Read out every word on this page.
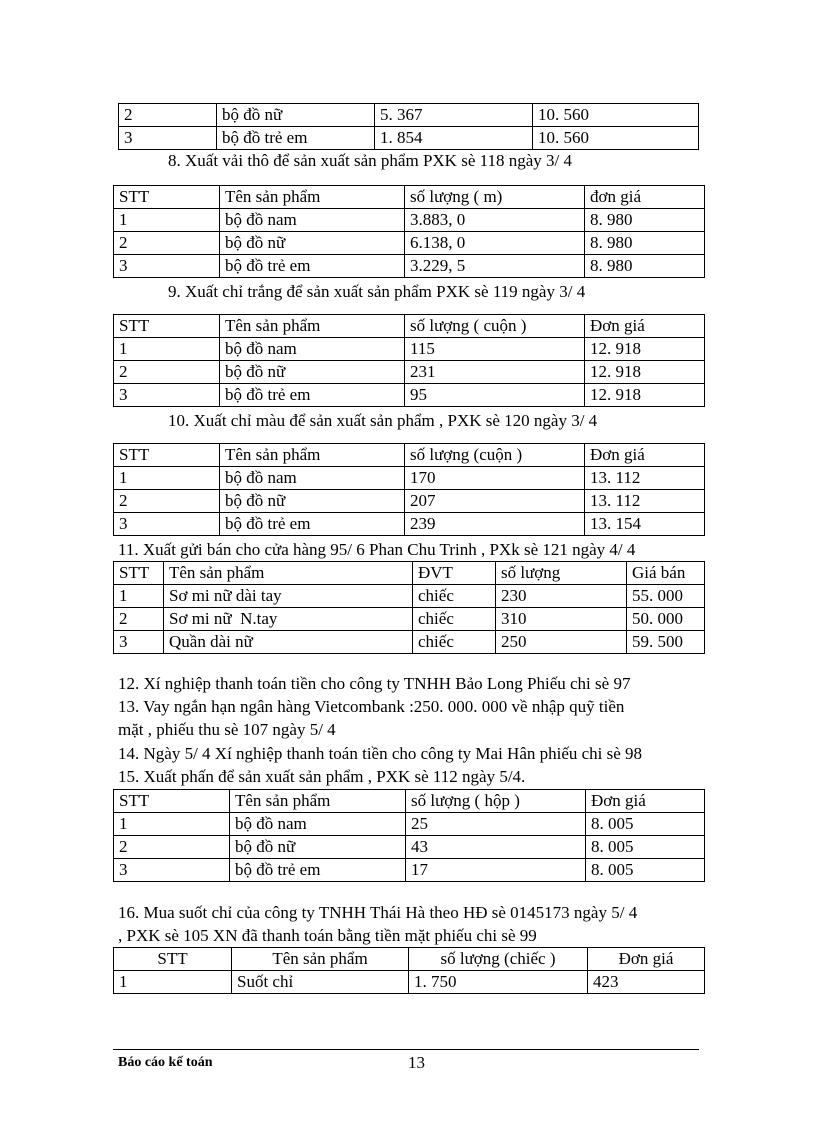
2	bộ đồ nữ	5. 367	10. 560
3	bộ đồ trẻ em	1. 854	10. 560
8. Xuất vải thô để sản xuất sản phẩm PXK sè 118 ngày 3/ 4
STT	Tên sản phẩm	số lượng ( m)	đơn giá
1	bộ đồ nam	3.883, 0	8. 980
2	bộ đồ nữ	6.138, 0	8. 980
3	bộ đồ trẻ em	3.229, 5	8. 980
9. Xuất chỉ trắng để sản xuất sản phẩm PXK sè 119 ngày 3/ 4
STT	Tên sản phẩm	số lượng ( cuộn )	Đơn giá
1	bộ đồ nam	115	12. 918
2	bộ đồ nữ	231	12. 918
3	bộ đồ trẻ em	95	12. 918
10. Xuất chỉ màu để sản xuất sản phẩm , PXK sè 120 ngày 3/ 4
STT	Tên sản phẩm	số lượng (cuộn )	Đơn giá
1	bộ đồ nam	170	13. 112
2	bộ đồ nữ	207	13. 112
3	bộ đồ trẻ em	239	13. 154
11. Xuất gửi bán cho cửa hàng 95/ 6 Phan Chu Trinh , PXk sè 121 ngày 4/ 4
STT	Tên sản phẩm	ĐVT	số lượng	Giá bán
1	Sơ mi nữ dài tay	chiếc	230	55. 000
2	Sơ mi nữ  N.tay	chiếc	310	50. 000
3	Quần dài nữ	chiếc	250	59. 500
12. Xí nghiệp thanh toán tiền cho công ty TNHH Bảo Long Phiếu chi sè 97
13. Vay ngắn hạn ngân hàng Vietcombank :250. 000. 000 về nhập quỹ tiền
mặt , phiếu thu sè 107 ngày 5/ 4
14. Ngày 5/ 4 Xí nghiệp thanh toán tiền cho công ty Mai Hân phiếu chi sè 98
15. Xuất phấn để sản xuất sản phẩm , PXK sè 112 ngày 5/4.
STT	Tên sản phẩm	số lượng ( hộp )	Đơn giá
1	bộ đồ nam	25	8. 005
2	bộ đồ nữ	43	8. 005
3	bộ đồ trẻ em	17	8. 005
16. Mua suốt chỉ của công ty TNHH Thái Hà theo HĐ sè 0145173 ngày 5/ 4
, PXK sè 105 XN đã thanh toán bằng tiền mặt phiếu chi sè 99
STT	Tên sản phẩm	số lượng (chiếc )	Đơn giá
1	Suốt chỉ	1. 750	423
Báo cáo kế toán	13
